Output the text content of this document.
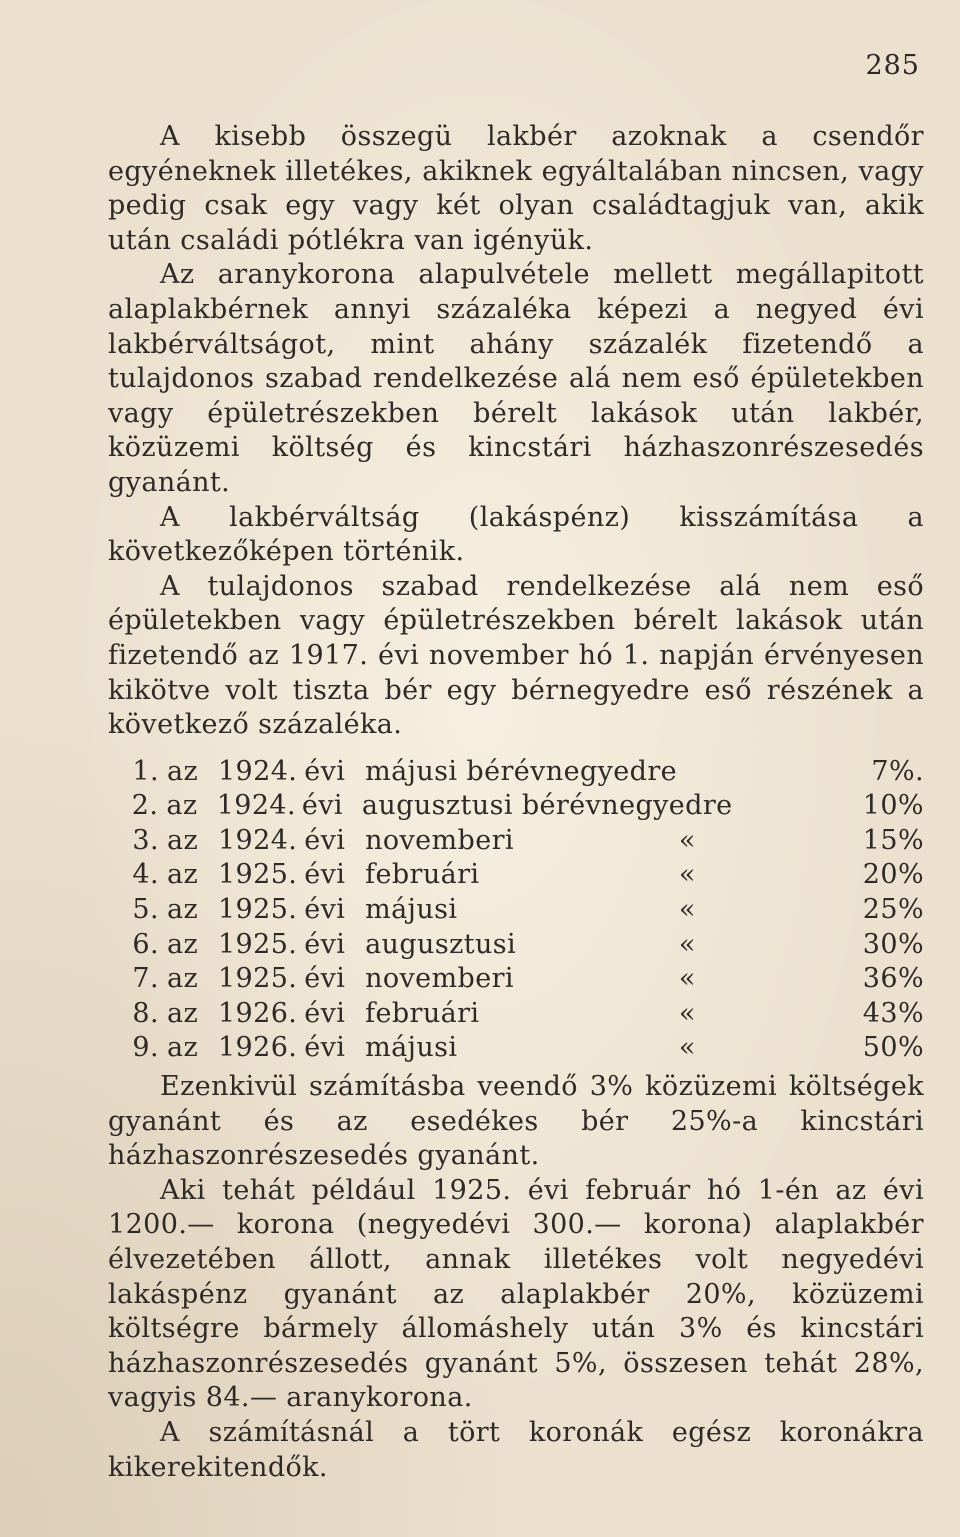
285

A kisebb összegü lakbér azoknak a csendőr egyéneknek illetékes, akiknek egyáltalában nincsen, vagy pedig csak egy vagy két olyan családtagjuk van, akik után családi pótlékra van igényük.

Az aranykorona alapulvétele mellett megállapitott alaplakbérnek annyi százaléka képezi a negyed évi lakbérváltságot, mint ahány százalék fizetendő a tulajdonos szabad rendelkezése alá nem eső épületekben vagy épületrészekben bérelt lakások után lakbér, közüzemi költség és kincstári házhaszonrészesedés gyanánt.

A lakbérváltság (lakáspénz) kisszámítása a következőképen történik.

A tulajdonos szabad rendelkezése alá nem eső épületekben vagy épületrészekben bérelt lakások után fizetendő az 1917. évi november hó 1. napján érvényesen kikötve volt tiszta bér egy bérnegyedre eső részének a következő százaléka.

1. az 1924. évi májusi bérévnegyedre	7%.
2. az 1924. évi augusztusi bérévnegyedre	10%
3. az 1924. évi novemberi	«	15%
4. az 1925. évi februári	«	20%
5. az 1925. évi májusi	«	25%
6. az 1925. évi augusztusi	«	30%
7. az 1925. évi novemberi	«	36%
8. az 1926. évi februári	«	43%
9. az 1926. évi májusi	«	50%

Ezenkivül számításba veendő 3% közüzemi költségek gyanánt és az esedékes bér 25%-a kincstári házhaszonrészesedés gyanánt.

Aki tehát például 1925. évi február hó 1-én az évi 1200.— korona (negyedévi 300.— korona) alaplakbér élvezetében állott, annak illetékes volt negyedévi lakáspénz gyanánt az alaplakbér 20%, közüzemi költségre bármely állomáshely után 3% és kincstári házhaszonrészesedés gyanánt 5%, összesen tehát 28%, vagyis 84.— aranykorona.

A számításnál a tört koronák egész koronákra kikerekitendők.
